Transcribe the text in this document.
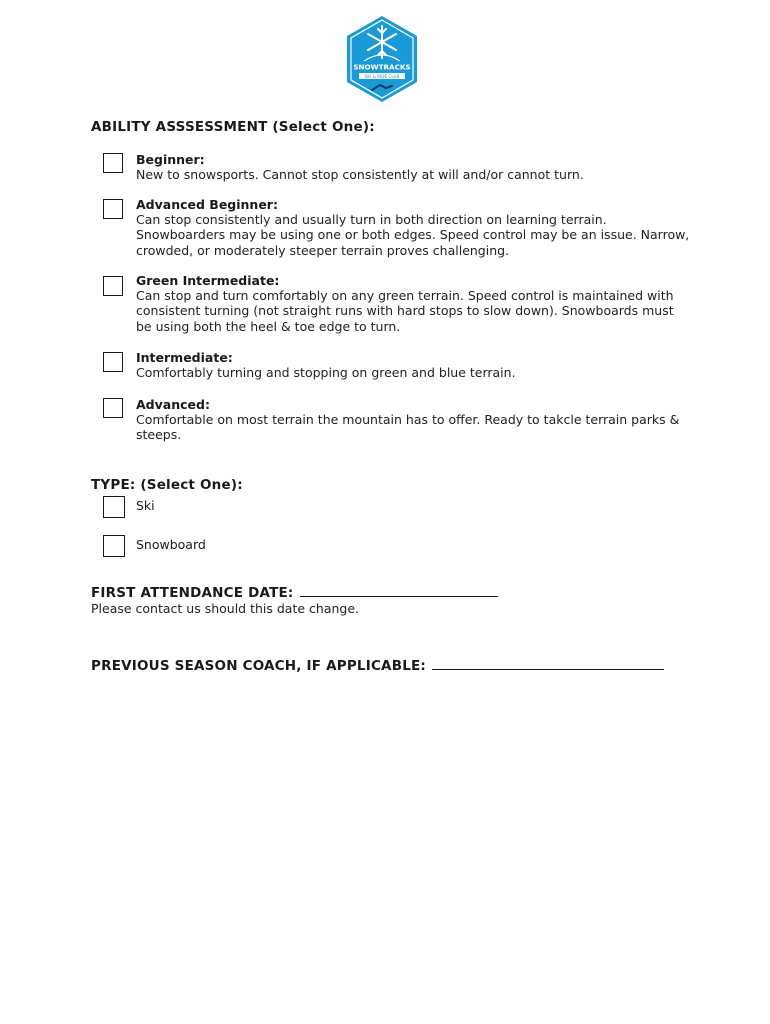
SNOWTRACKS
SKI & RIDE CLUB
ABILITY ASSSESSMENT (Select One):
Beginner:
New to snowsports. Cannot stop consistently at will and/or cannot turn.
Advanced Beginner:
Can stop consistently and usually turn in both direction on learning terrain. Snowboarders may be using one or both edges. Speed control may be an issue. Narrow, crowded, or moderately steeper terrain proves challenging.
Green Intermediate:
Can stop and turn comfortably on any green terrain. Speed control is maintained with consistent turning (not straight runs with hard stops to slow down). Snowboards must be using both the heel & toe edge to turn.
Intermediate:
Comfortably turning and stopping on green and blue terrain.
Advanced:
Comfortable on most terrain the mountain has to offer. Ready to takcle terrain parks & steeps.
TYPE: (Select One):
Ski
Snowboard
FIRST ATTENDANCE DATE:
Please contact us should this date change.
PREVIOUS SEASON COACH, IF APPLICABLE:
